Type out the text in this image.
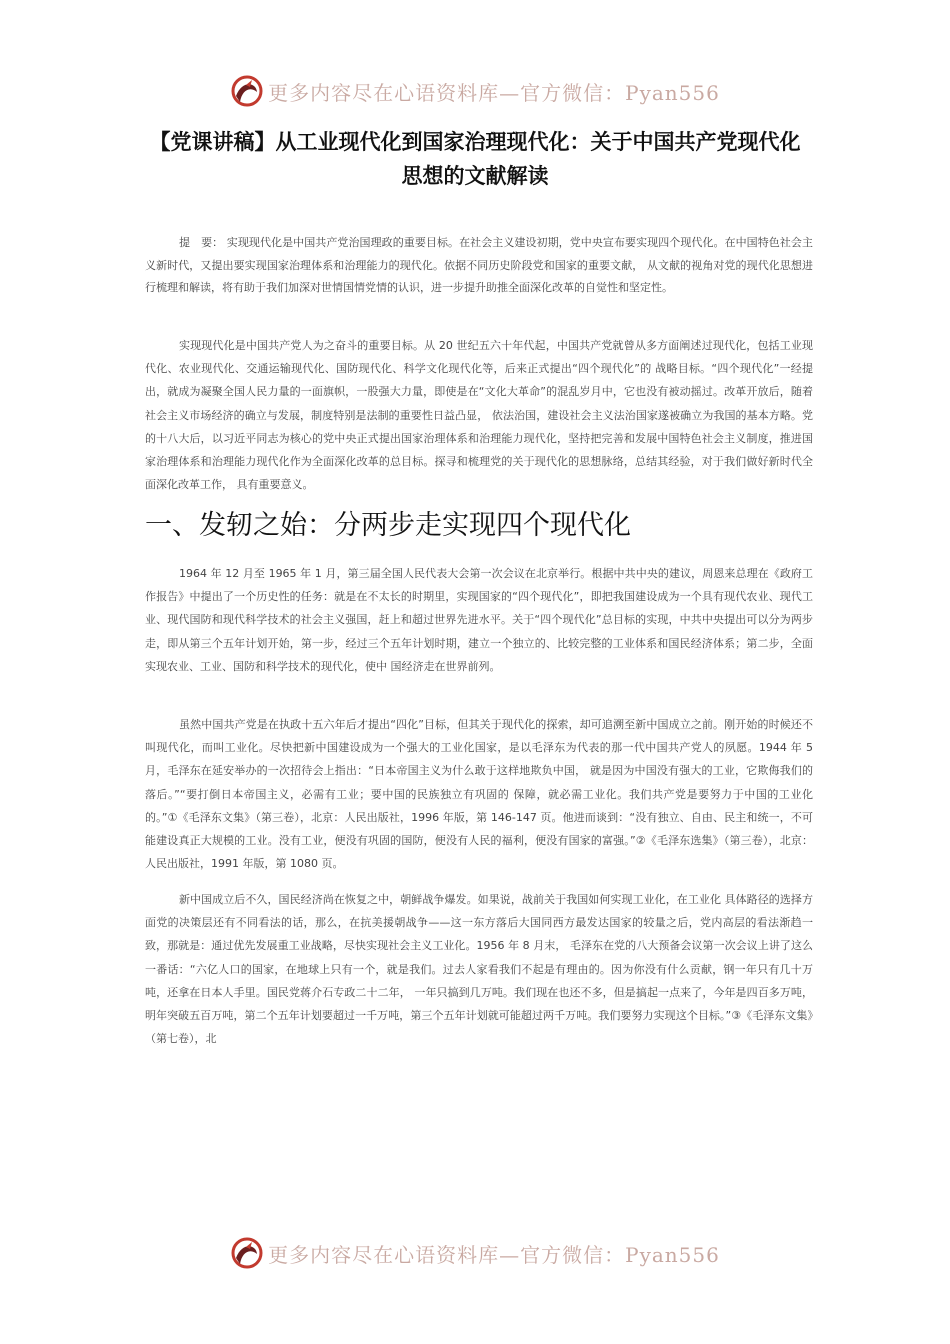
更多内容尽在心语资料库—官方微信：Pyan556
【党课讲稿】从工业现代化到国家治理现代化：关于中国共产党现代化思想的文献解读

提　要： 实现现代化是中国共产党治国理政的重要目标。在社会主义建设初期，党中央宣布要实现四个现代化。在中国特色社会主义新时代，又提出要实现国家治理体系和治理能力的现代化。依据不同历史阶段党和国家的重要文献， 从文献的视角对党的现代化思想进行梳理和解读，将有助于我们加深对世情国情党情的认识，进一步提升助推全面深化改革的自觉性和坚定性。

实现现代化是中国共产党人为之奋斗的重要目标。从 20 世纪五六十年代起，中国共产党就曾从多方面阐述过现代化，包括工业现代化、农业现代化、交通运输现代化、国防现代化、科学文化现代化等，后来正式提出“四个现代化”的 战略目标。“四个现代化”一经提出，就成为凝聚全国人民力量的一面旗帜，一股强大力量，即使是在“文化大革命”的混乱岁月中，它也没有被动摇过。改革开放后，随着社会主义市场经济的确立与发展，制度特别是法制的重要性日益凸显， 依法治国，建设社会主义法治国家遂被确立为我国的基本方略。党的十八大后，以习近平同志为核心的党中央正式提出国家治理体系和治理能力现代化，坚持把完善和发展中国特色社会主义制度，推进国家治理体系和治理能力现代化作为全面深化改革的总目标。探寻和梳理党的关于现代化的思想脉络，总结其经验，对于我们做好新时代全面深化改革工作， 具有重要意义。

一、发轫之始：分两步走实现四个现代化

1964 年 12 月至 1965 年 1 月，第三届全国人民代表大会第一次会议在北京举行。根据中共中央的建议，周恩来总理在《政府工作报告》中提出了一个历史性的任务：就是在不太长的时期里，实现国家的“四个现代化”，即把我国建设成为一个具有现代农业、现代工业、现代国防和现代科学技术的社会主义强国，赶上和超过世界先进水平。关于“四个现代化”总目标的实现，中共中央提出可以分为两步走，即从第三个五年计划开始，第一步，经过三个五年计划时期，建立一个独立的、比较完整的工业体系和国民经济体系；第二步，全面实现农业、工业、国防和科学技术的现代化，使中 国经济走在世界前列。

虽然中国共产党是在执政十五六年后才提出“四化”目标，但其关于现代化的探索，却可追溯至新中国成立之前。刚开始的时候还不叫现代化，而叫工业化。尽快把新中国建设成为一个强大的工业化国家，是以毛泽东为代表的那一代中国共产党人的夙愿。1944 年 5 月，毛泽东在延安举办的一次招待会上指出：“日本帝国主义为什么敢于这样地欺负中国， 就是因为中国没有强大的工业，它欺侮我们的落后。”“要打倒日本帝国主义，必需有工业；要中国的民族独立有巩固的 保障，就必需工业化。我们共产党是要努力于中国的工业化的。”①《毛泽东文集》（第三卷），北京：人民出版社，1996 年版，第 146-147 页。他进而谈到：“没有独立、自由、民主和统一，不可能建设真正大规模的工业。没有工业，便没有巩固的国防，便没有人民的福利，便没有国家的富强。”②《毛泽东选集》（第三卷），北京：人民出版社，1991 年版，第 1080 页。

新中国成立后不久，国民经济尚在恢复之中，朝鲜战争爆发。如果说，战前关于我国如何实现工业化，在工业化 具体路径的选择方面党的决策层还有不同看法的话，那么，在抗美援朝战争——这一东方落后大国同西方最发达国家的较量之后，党内高层的看法渐趋一致，那就是：通过优先发展重工业战略，尽快实现社会主义工业化。1956 年 8 月末， 毛泽东在党的八大预备会议第一次会议上讲了这么一番话：“六亿人口的国家，在地球上只有一个，就是我们。过去人家看我们不起是有理由的。因为你没有什么贡献，钢一年只有几十万吨，还拿在日本人手里。国民党蒋介石专政二十二年， 一年只搞到几万吨。我们现在也还不多，但是搞起一点来了，今年是四百多万吨，明年突破五百万吨，第二个五年计划要超过一千万吨，第三个五年计划就可能超过两千万吨。我们要努力实现这个目标。”③《毛泽东文集》（第七卷），北

更多内容尽在心语资料库—官方微信：Pyan556
